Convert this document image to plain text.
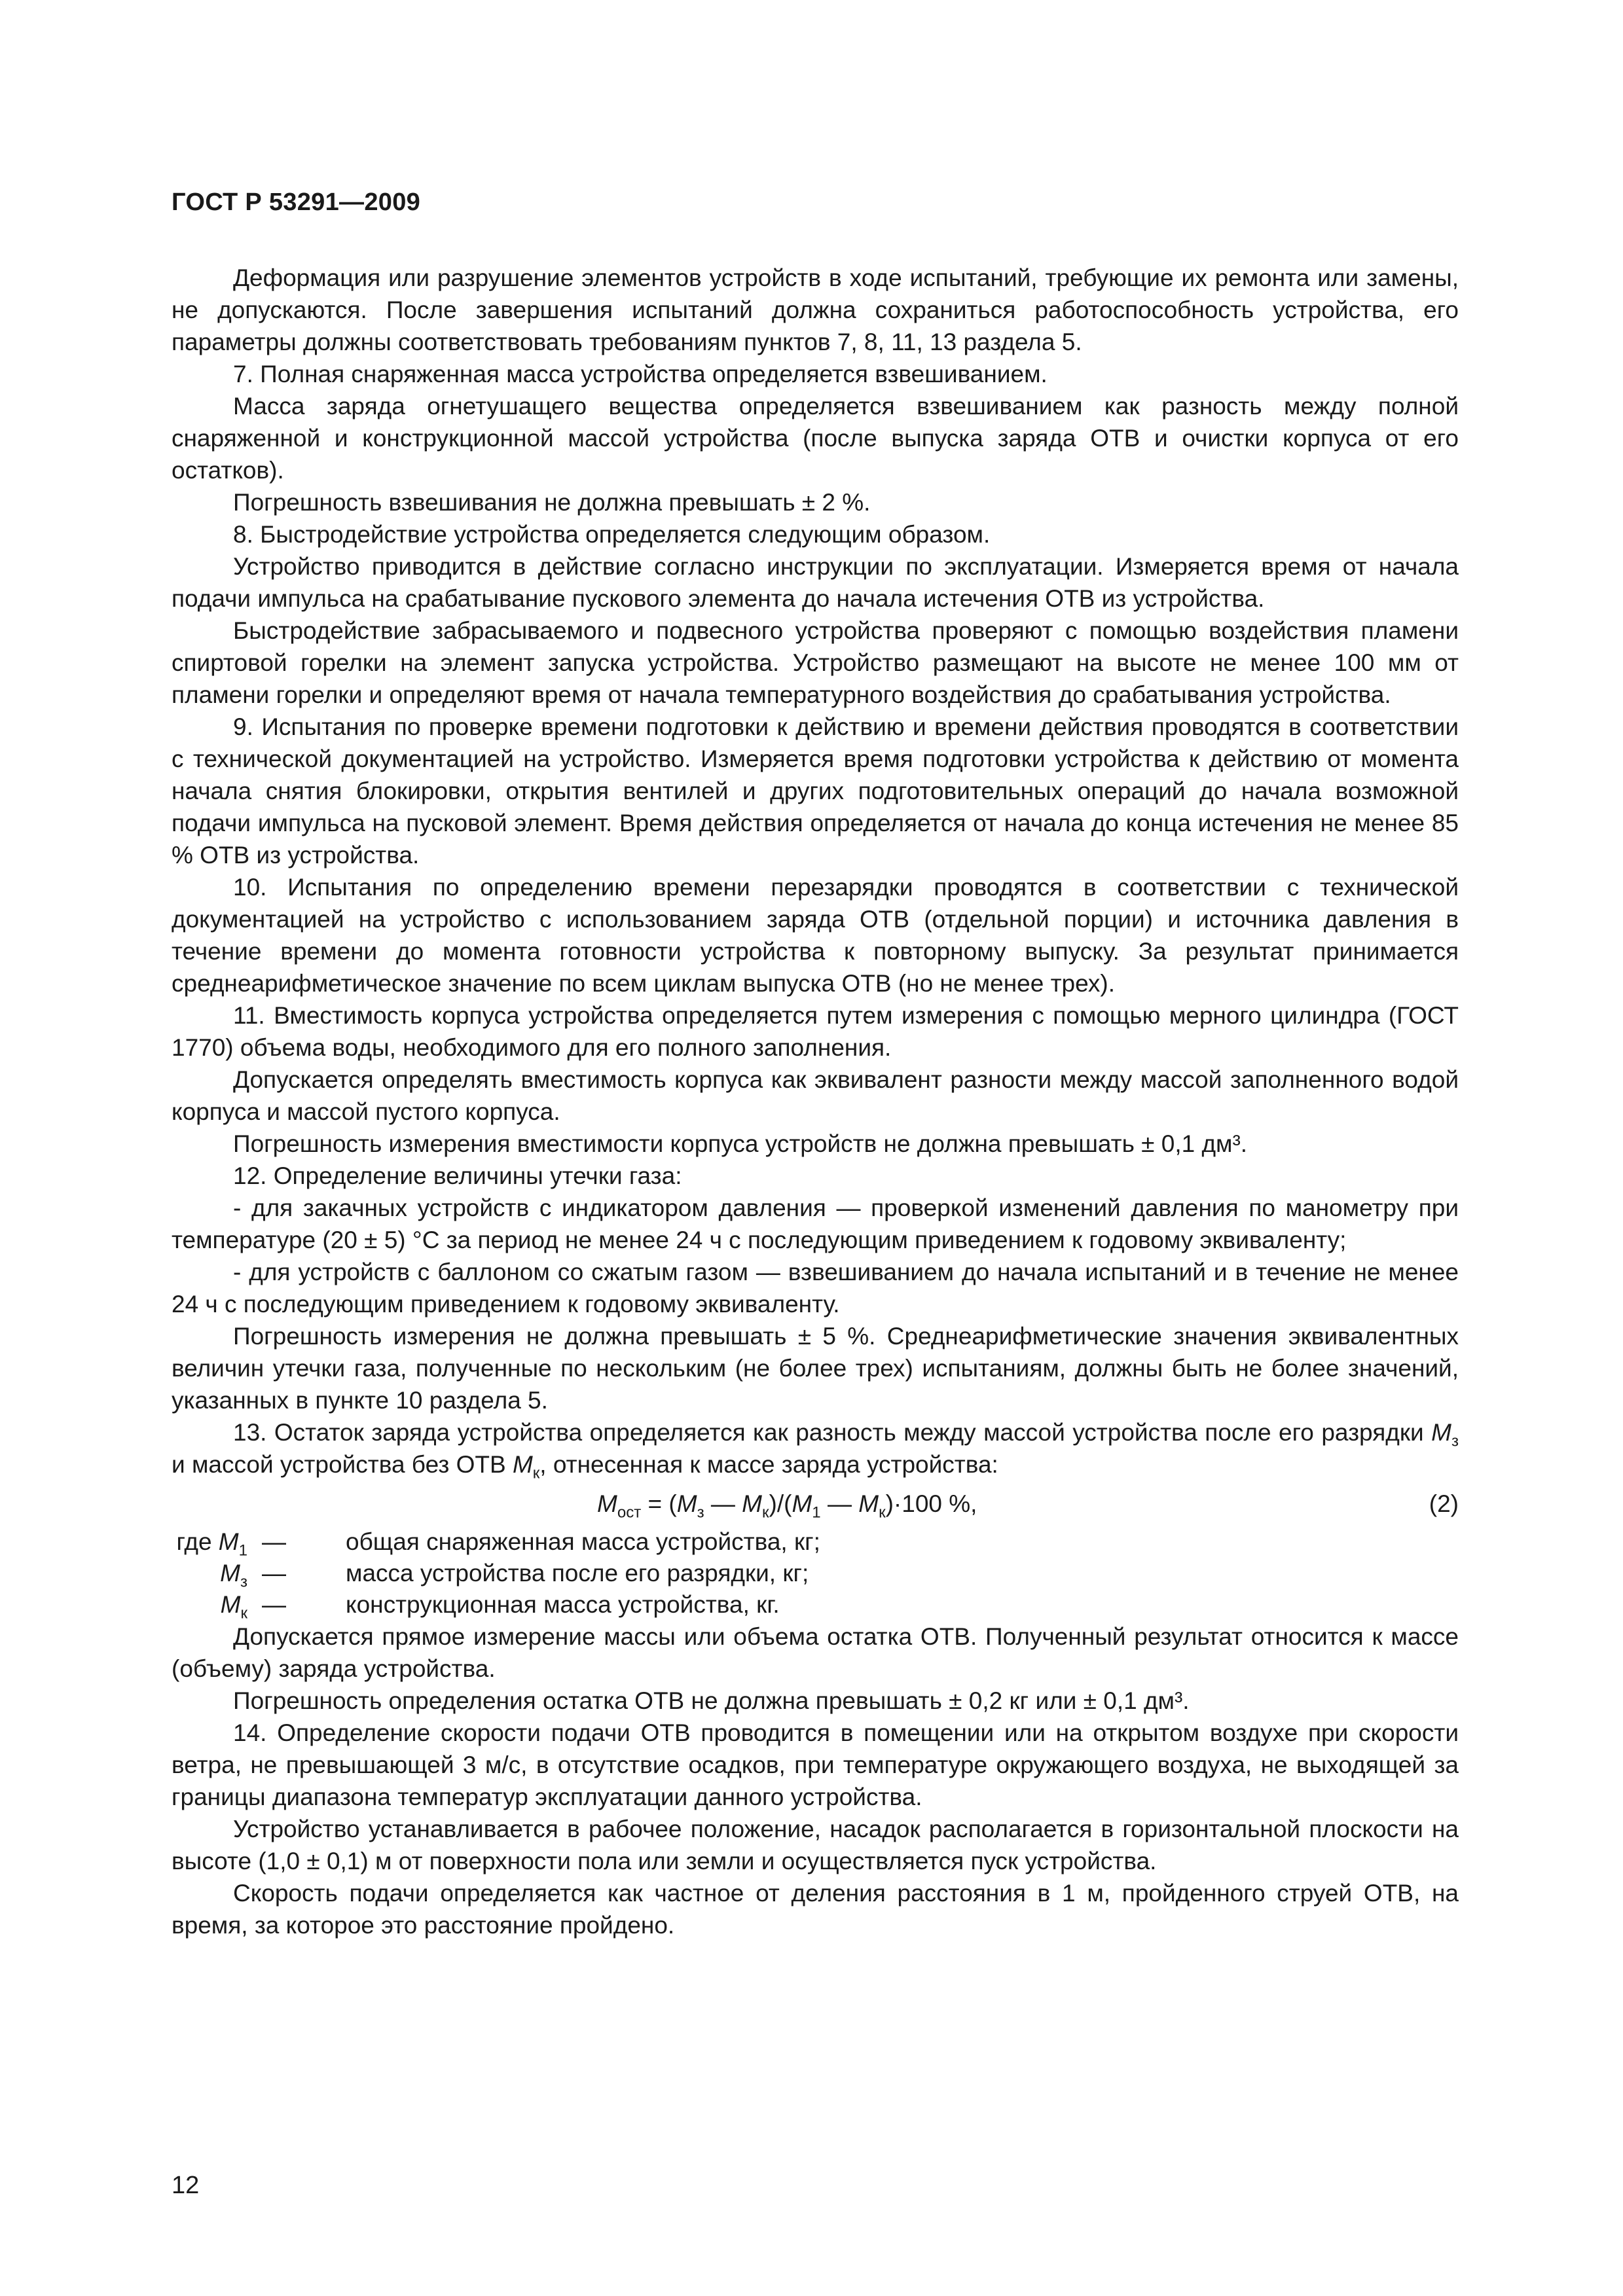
ГОСТ Р 53291—2009

Деформация или разрушение элементов устройств в ходе испытаний, требующие их ремонта или замены, не допускаются. После завершения испытаний должна сохраниться работоспособность устройства, его параметры должны соответствовать требованиям пунктов 7, 8, 11, 13 раздела 5.

7. Полная снаряженная масса устройства определяется взвешиванием.

Масса заряда огнетушащего вещества определяется взвешиванием как разность между полной снаряженной и конструкционной массой устройства (после выпуска заряда ОТВ и очистки корпуса от его остатков).

Погрешность взвешивания не должна превышать ± 2 %.

8. Быстродействие устройства определяется следующим образом.

Устройство приводится в действие согласно инструкции по эксплуатации. Измеряется время от начала подачи импульса на срабатывание пускового элемента до начала истечения ОТВ из устройства.

Быстродействие забрасываемого и подвесного устройства проверяют с помощью воздействия пламени спиртовой горелки на элемент запуска устройства. Устройство размещают на высоте не менее 100 мм от пламени горелки и определяют время от начала температурного воздействия до срабатывания устройства.

9. Испытания по проверке времени подготовки к действию и времени действия проводятся в соответствии с технической документацией на устройство. Измеряется время подготовки устройства к действию от момента начала снятия блокировки, открытия вентилей и других подготовительных операций до начала возможной подачи импульса на пусковой элемент. Время действия определяется от начала до конца истечения не менее 85 % ОТВ из устройства.

10. Испытания по определению времени перезарядки проводятся в соответствии с технической документацией на устройство с использованием заряда ОТВ (отдельной порции) и источника давления в течение времени до момента готовности устройства к повторному выпуску. За результат принимается среднеарифметическое значение по всем циклам выпуска ОТВ (но не менее трех).

11. Вместимость корпуса устройства определяется путем измерения с помощью мерного цилиндра (ГОСТ 1770) объема воды, необходимого для его полного заполнения.

Допускается определять вместимость корпуса как эквивалент разности между массой заполненного водой корпуса и массой пустого корпуса.

Погрешность измерения вместимости корпуса устройств не должна превышать ± 0,1 дм³.

12. Определение величины утечки газа:

- для закачных устройств с индикатором давления — проверкой изменений давления по манометру при температуре (20 ± 5) °С за период не менее 24 ч с последующим приведением к годовому эквиваленту;

- для устройств с баллоном со сжатым газом — взвешиванием до начала испытаний и в течение не менее 24 ч с последующим приведением к годовому эквиваленту.

Погрешность измерения не должна превышать ± 5 %. Среднеарифметические значения эквивалентных величин утечки газа, полученные по нескольким (не более трех) испытаниям, должны быть не более значений, указанных в пункте 10 раздела 5.

13. Остаток заряда устройства определяется как разность между массой устройства после его разрядки $М_з$ и массой устройства без ОТВ $М_к$, отнесенная к массе заряда устройства:

$М_{ост} = (М_з$ — $М_к)/(М_1$ — $М_к)\cdot 100$ %,	(2)
где $М_1$ —	общая снаряженная масса устройства, кг;
$М_з$ —	масса устройства после его разрядки, кг;
$М_к$ —	конструкционная масса устройства, кг.

Допускается прямое измерение массы или объема остатка ОТВ. Полученный результат относится к массе (объему) заряда устройства.

Погрешность определения остатка ОТВ не должна превышать ± 0,2 кг или ± 0,1 дм³.

14. Определение скорости подачи ОТВ проводится в помещении или на открытом воздухе при скорости ветра, не превышающей 3 м/с, в отсутствие осадков, при температуре окружающего воздуха, не выходящей за границы диапазона температур эксплуатации данного устройства.

Устройство устанавливается в рабочее положение, насадок располагается в горизонтальной плоскости на высоте (1,0 ± 0,1) м от поверхности пола или земли и осуществляется пуск устройства.

Скорость подачи определяется как частное от деления расстояния в 1 м, пройденного струей ОТВ, на время, за которое это расстояние пройдено.

12
